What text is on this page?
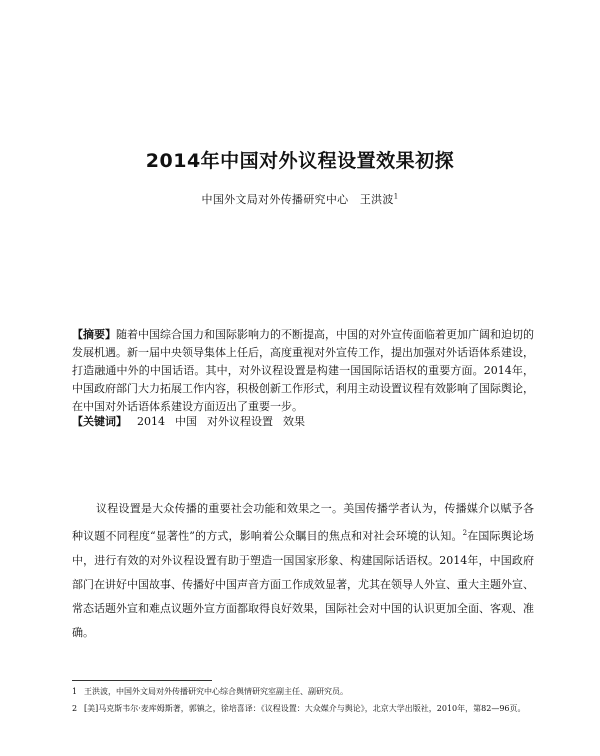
2014年中国对外议程设置效果初探
中国外文局对外传播研究中心 王洪波$^1$
【摘要】随着中国综合国力和国际影响力的不断提高，中国的对外宣传面临着更加广阔和迫切的发展机遇。新一届中央领导集体上任后，高度重视对外宣传工作，提出加强对外话语体系建设，打造融通中外的中国话语。其中，对外议程设置是构建一国国际话语权的重要方面。2014年，中国政府部门大力拓展工作内容，积极创新工作形式，利用主动设置议程有效影响了国际舆论，在中国对外话语体系建设方面迈出了重要一步。
【关键词】 2014 中国 对外议程设置 效果
议程设置是大众传播的重要社会功能和效果之一。美国传播学者认为，传播媒介以赋予各种议题不同程度“显著性”的方式，影响着公众瞩目的焦点和对社会环境的认知。$^2$在国际舆论场中，进行有效的对外议程设置有助于塑造一国国家形象、构建国际话语权。2014年，中国政府部门在讲好中国故事、传播好中国声音方面工作成效显著，尤其在领导人外宣、重大主题外宣、常态话题外宣和难点议题外宣方面都取得良好效果，国际社会对中国的认识更加全面、客观、准确。
1 王洪波，中国外文局对外传播研究中心综合舆情研究室副主任、副研究员。
2 [美]马克斯韦尔·麦库姆斯著，郭镇之，徐培喜译：《议程设置：大众媒介与舆论》，北京大学出版社，2010年，第82—96页。
